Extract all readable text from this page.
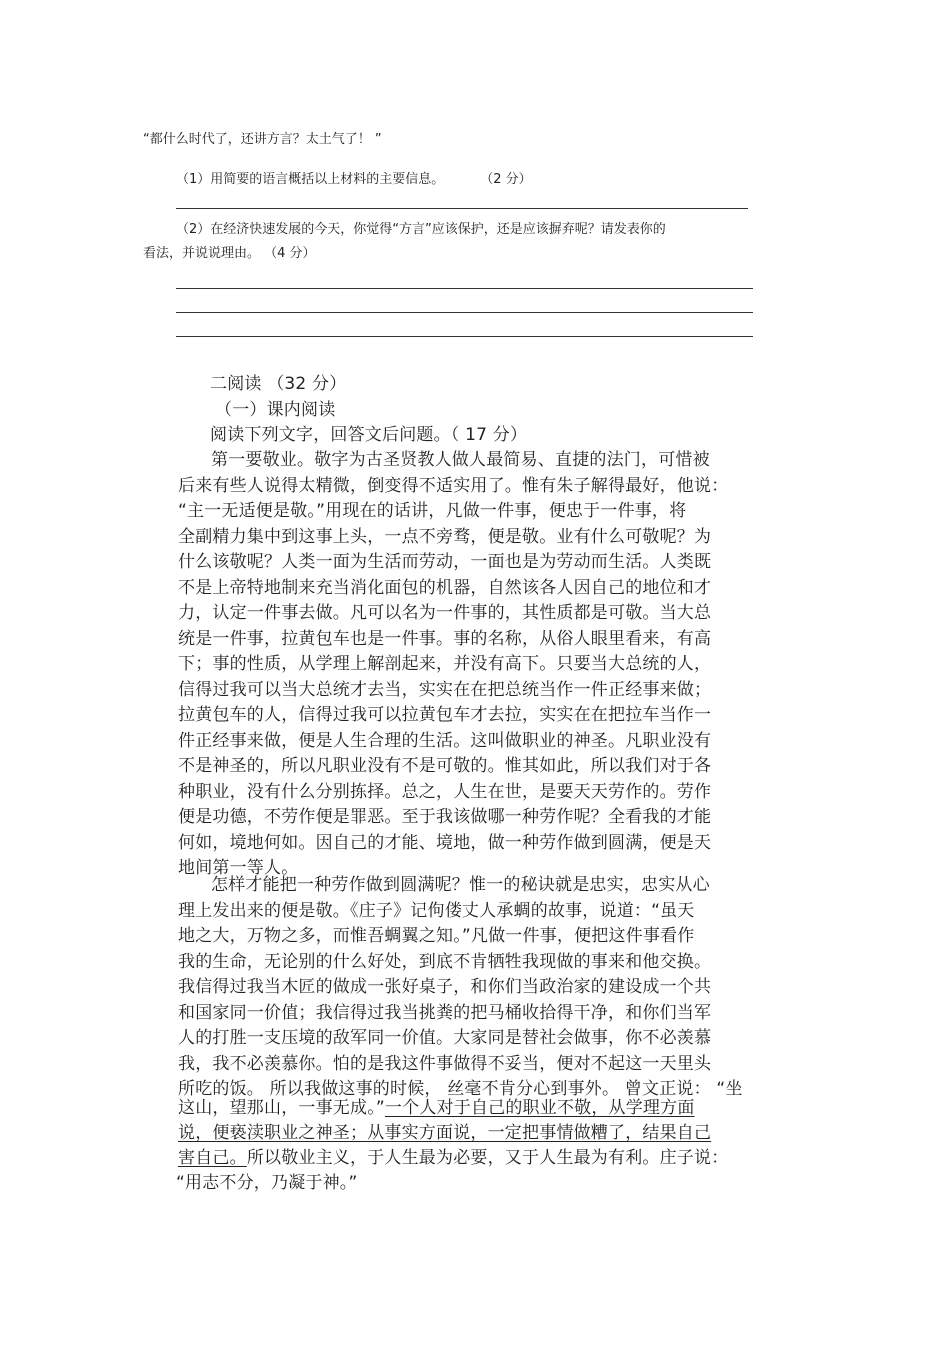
“都什么时代了，还讲方言？太土气了！ ”
（1）用简要的语言概括以上材料的主要信息。	（2 分）
（2）在经济快速发展的今天，你觉得“方言”应该保护，还是应该摒弃呢？请发表你的
看法，并说说理由。 （4 分）
二阅读 （32 分）
（一）课内阅读
阅读下列文字，回答文后问题。（ 17 分）
第一要敬业。敬字为古圣贤教人做人最简易、直捷的法门，可惜被
后来有些人说得太精微，倒变得不适实用了。惟有朱子解得最好，他说：
“主一无适便是敬。”用现在的话讲，凡做一件事，便忠于一件事，将
全副精力集中到这事上头，一点不旁骛，便是敬。业有什么可敬呢？为
什么该敬呢？人类一面为生活而劳动，一面也是为劳动而生活。人类既
不是上帝特地制来充当消化面包的机器，自然该各人因自己的地位和才
力，认定一件事去做。凡可以名为一件事的，其性质都是可敬。当大总
统是一件事，拉黄包车也是一件事。事的名称，从俗人眼里看来，有高
下；事的性质，从学理上解剖起来，并没有高下。只要当大总统的人，
信得过我可以当大总统才去当，实实在在把总统当作一件正经事来做；
拉黄包车的人，信得过我可以拉黄包车才去拉，实实在在把拉车当作一
件正经事来做，便是人生合理的生活。这叫做职业的神圣。凡职业没有
不是神圣的，所以凡职业没有不是可敬的。惟其如此，所以我们对于各
种职业，没有什么分别拣择。总之，人生在世，是要天天劳作的。劳作
便是功德，不劳作便是罪恶。至于我该做哪一种劳作呢？全看我的才能
何如，境地何如。因自己的才能、境地，做一种劳作做到圆满，便是天
地间第一等人。
怎样才能把一种劳作做到圆满呢？惟一的秘诀就是忠实，忠实从心
理上发出来的便是敬。《庄子》记佝偻丈人承蜩的故事，说道：“虽天
地之大，万物之多，而惟吾蜩翼之知。”凡做一件事，便把这件事看作
我的生命，无论别的什么好处，到底不肯牺牲我现做的事来和他交换。
我信得过我当木匠的做成一张好桌子，和你们当政治家的建设成一个共
和国家同一价值；我信得过我当挑粪的把马桶收拾得干净，和你们当军
人的打胜一支压境的敌军同一价值。大家同是替社会做事，你不必羡慕
我，我不必羡慕你。怕的是我这件事做得不妥当，便对不起这一天里头
所吃的饭。 所以我做这事的时候， 丝毫不肯分心到事外。 曾文正说： “坐
这山，望那山，一事无成。”一个人对于自己的职业不敬，从学理方面
说，便亵渎职业之神圣；从事实方面说，一定把事情做糟了，结果自己
害自己。所以敬业主义，于人生最为必要，又于人生最为有利。庄子说：
“用志不分，乃凝于神。”
